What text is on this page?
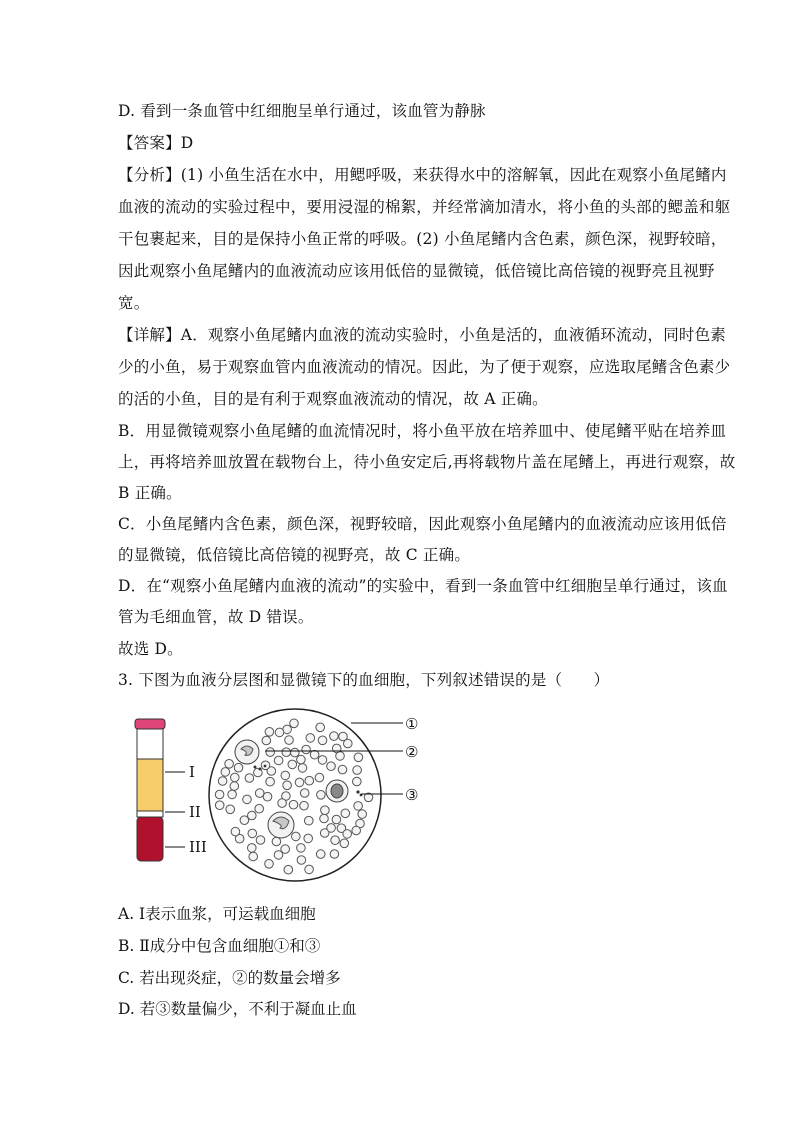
D. 看到一条血管中红细胞呈单行通过，该血管为静脉
【答案】D
【分析】(1) 小鱼生活在水中，用鳃呼吸，来获得水中的溶解氧，因此在观察小鱼尾鳍内
血液的流动的实验过程中，要用浸湿的棉絮，并经常滴加清水，将小鱼的头部的鳃盖和躯
干包裹起来，目的是保持小鱼正常的呼吸。(2) 小鱼尾鳍内含色素，颜色深，视野较暗，
因此观察小鱼尾鳍内的血液流动应该用低倍的显微镜，低倍镜比高倍镜的视野亮且视野
宽。
【详解】A．观察小鱼尾鳍内血液的流动实验时，小鱼是活的，血液循环流动，同时色素
少的小鱼，易于观察血管内血液流动的情况。因此，为了便于观察，应选取尾鳍含色素少
的活的小鱼，目的是有利于观察血液流动的情况，故 A 正确。
B．用显微镜观察小鱼尾鳍的血流情况时，将小鱼平放在培养皿中、使尾鳍平贴在培养皿
上，再将培养皿放置在载物台上，待小鱼安定后,再将载物片盖在尾鳍上，再进行观察，故
B 正确。
C．小鱼尾鳍内含色素，颜色深，视野较暗，因此观察小鱼尾鳍内的血液流动应该用低倍
的显微镜，低倍镜比高倍镜的视野亮，故 C 正确。
D．在“观察小鱼尾鳍内血液的流动”的实验中，看到一条血管中红细胞呈单行通过，该血
管为毛细血管，故 D 错误。
故选 D。
3. 下图为血液分层图和显微镜下的血细胞，下列叙述错误的是（　　）
I
II
III
①
②
③
A. Ⅰ表示血浆，可运载血细胞
B. Ⅱ成分中包含血细胞①和③
C. 若出现炎症，②的数量会增多
D. 若③数量偏少，不利于凝血止血
